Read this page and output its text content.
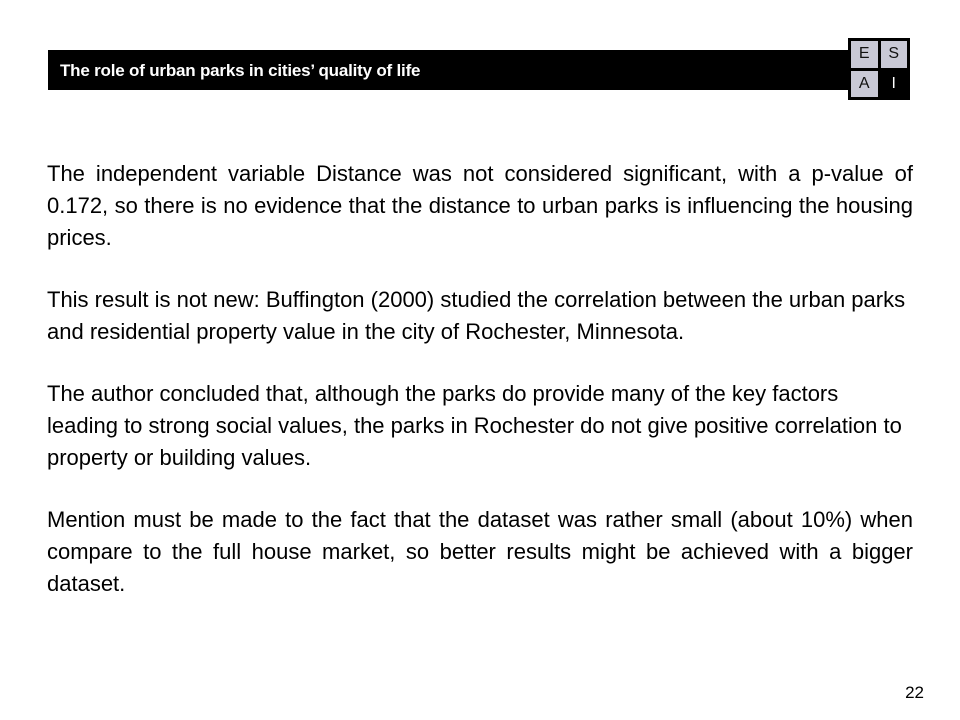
The role of urban parks in cities’ quality of life
E	S
A	I

The independent variable Distance was not considered significant, with a p-value of 0.172, so there is no evidence that the distance to urban parks is influencing the housing prices.

This result is not new: Buffington (2000) studied the correlation between the urban parks and residential property value in the city of Rochester, Minnesota.

The author concluded that, although the parks do provide many of the key factors leading to strong social values, the parks in Rochester do not give positive correlation to property or building values.

Mention must be made to the fact that the dataset was rather small (about 10%) when compare to the full house market, so better results might be achieved with a bigger dataset.

22
